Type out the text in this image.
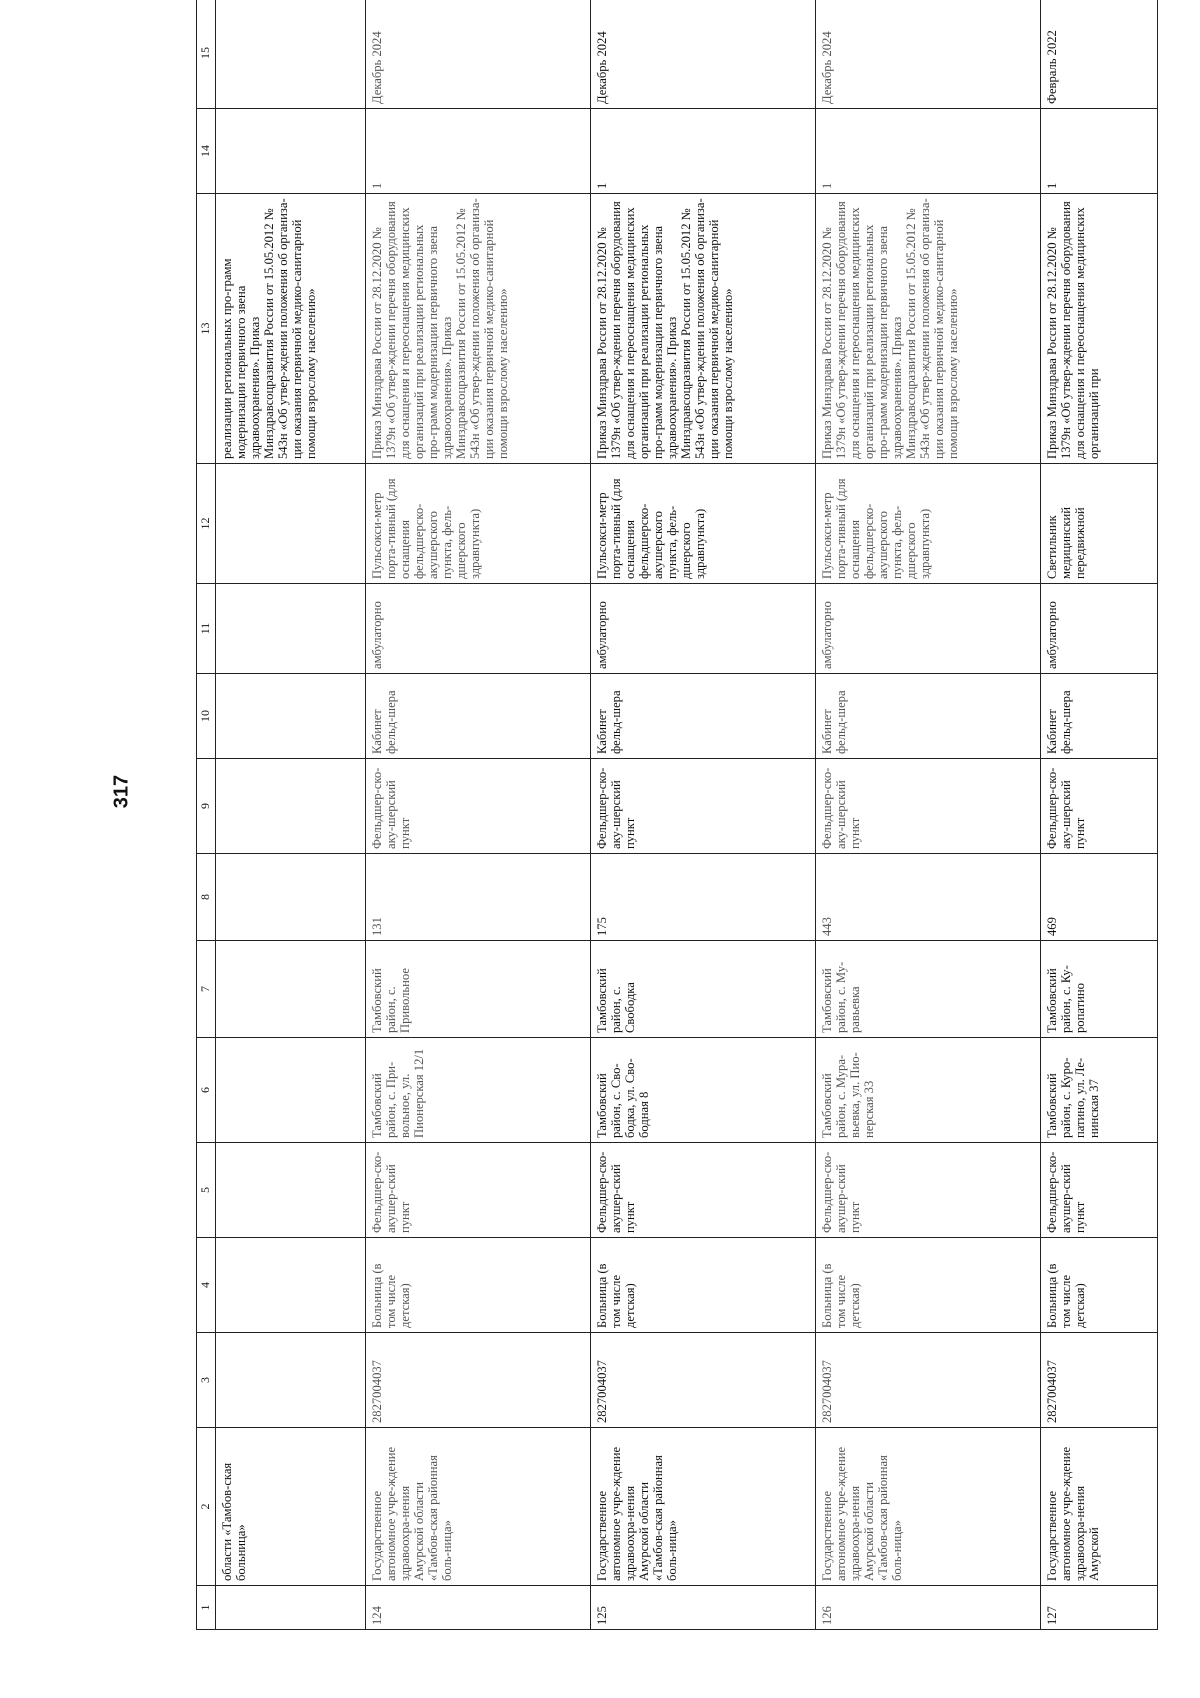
317
1	2	3	4	5	6	7	8	9	10	11	12	13	14	15
	области «Тамбов-ская больница»											реализации региональных про-грамм модернизации первичного звена здравоохранения». Приказ Минздравсоцразвития России от 15.05.2012 № 543н «Об утвер-ждении положения об организа-ции оказания первичной медико-санитарной помощи взрослому населению»		
124	Государственное автономное учре-ждение здравоохра-нения Амурской области «Тамбов-ская районная боль-ница»	2827004037	Больница (в том числе детская)	Фельдшер-ско-акушер-ский пункт	Тамбовский район, с. При-вольное, ул. Пионерская 12/1	Тамбовский район, с. Привольное	131	Фельдшер-ско-аку-шерский пункт	Кабинет фельд-шера	амбулаторно	Пульсокси-метр порта-тивный (для оснащения фельдшерско-акушерского пункта, фель-дшерского здравпункта)	Приказ Минздрава России от 28.12.2020 № 1379н «Об утвер-ждении перечня оборудования для оснащения и переоснащения медицинских организаций при реализации региональных про-грамм модернизации первичного звена здравоохранения». Приказ Минздравсоцразвития России от 15.05.2012 № 543н «Об утвер-ждении положения об организа-ции оказания первичной медико-санитарной помощи взрослому населению»	1	Декабрь 2024
125	Государственное автономное учре-ждение здравоохра-нения Амурской области «Тамбов-ская районная боль-ница»	2827004037	Больница (в том числе детская)	Фельдшер-ско-акушер-ский пункт	Тамбовский район, с. Сво-бодка, ул. Сво-бодная 8	Тамбовский район, с. Свободка	175	Фельдшер-ско-аку-шерский пункт	Кабинет фельд-шера	амбулаторно	Пульсокси-метр порта-тивный (для оснащения фельдшерско-акушерского пункта, фель-дшерского здравпункта)	Приказ Минздрава России от 28.12.2020 № 1379н «Об утвер-ждении перечня оборудования для оснащения и переоснащения медицинских организаций при реализации региональных про-грамм модернизации первичного звена здравоохранения». Приказ Минздравсоцразвития России от 15.05.2012 № 543н «Об утвер-ждении положения об организа-ции оказания первичной медико-санитарной помощи взрослому населению»	1	Декабрь 2024
126	Государственное автономное учре-ждение здравоохра-нения Амурской области «Тамбов-ская районная боль-ница»	2827004037	Больница (в том числе детская)	Фельдшер-ско-акушер-ский пункт	Тамбовский район, с. Мура-вьевка, ул. Пио-нерская 33	Тамбовский район, с. Му-равьевка	443	Фельдшер-ско-аку-шерский пункт	Кабинет фельд-шера	амбулаторно	Пульсокси-метр порта-тивный (для оснащения фельдшерско-акушерского пункта, фель-дшерского здравпункта)	Приказ Минздрава России от 28.12.2020 № 1379н «Об утвер-ждении перечня оборудования для оснащения и переоснащения медицинских организаций при реализации региональных про-грамм модернизации первичного звена здравоохранения». Приказ Минздравсоцразвития России от 15.05.2012 № 543н «Об утвер-ждении положения об организа-ции оказания первичной медико-санитарной помощи взрослому населению»	1	Декабрь 2024
127	Государственное автономное учре-ждение здравоохра-нения Амурской	2827004037	Больница (в том числе детская)	Фельдшер-ско-акушер-ский пункт	Тамбовский район, с. Куро-патино, ул. Ле-нинская 37	Тамбовский район, с. Ку-ропатино	469	Фельдшер-ско-аку-шерский пункт	Кабинет фельд-шера	амбулаторно	Светильник медицинский передвижной	Приказ Минздрава России от 28.12.2020 № 1379н «Об утвер-ждении перечня оборудования для оснащения и переоснащения медицинских организаций при	1	Февраль 2022
